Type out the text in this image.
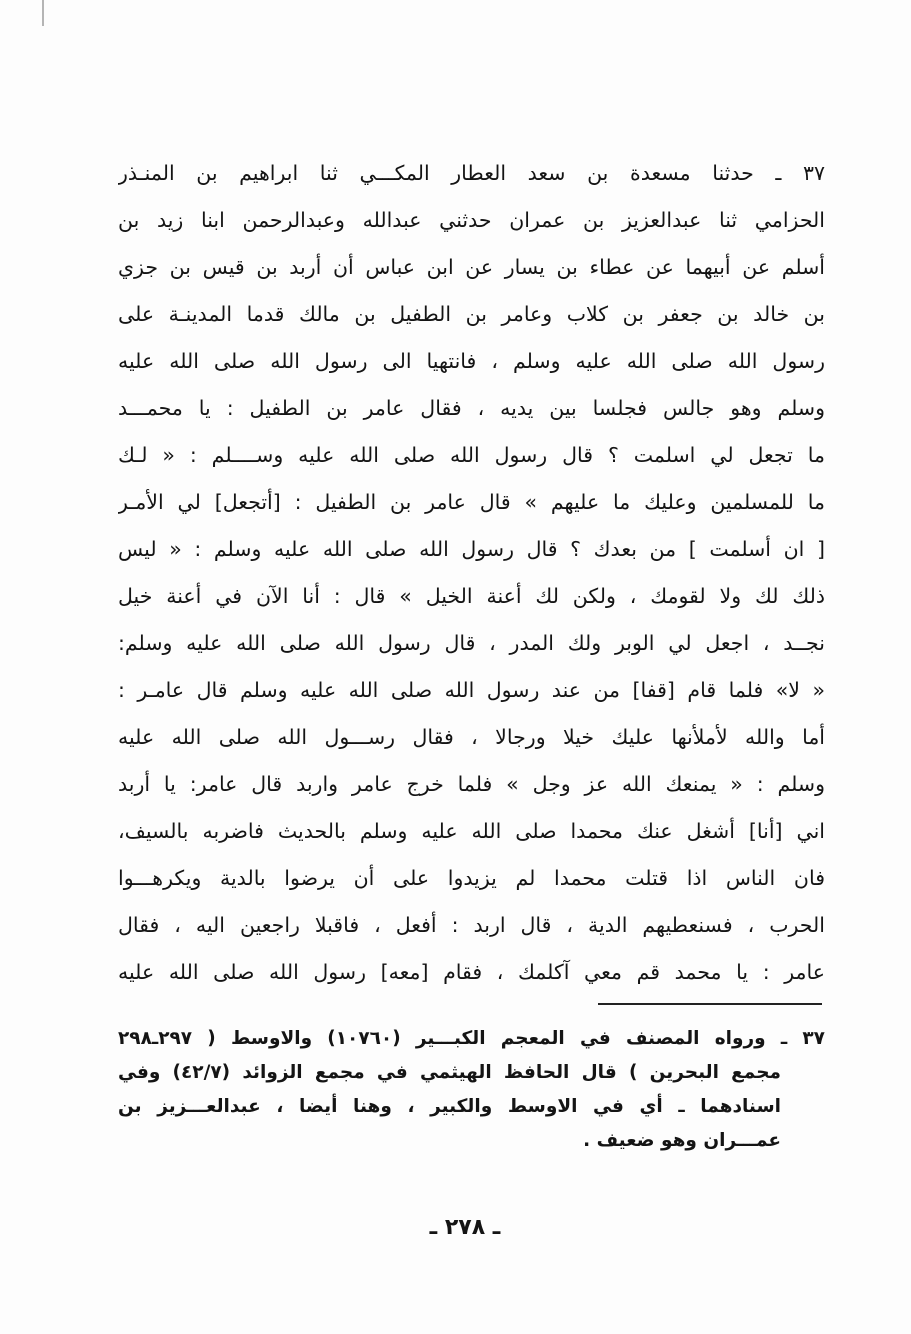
٣٧ ـ حدثنا مسعدة بن سعد العطار المكـــي ثنا ابراهيم بن المنـذر
الحزامي ثنا عبدالعزيز بن عمران حدثني عبدالله وعبدالرحمن ابنا زيد بن
أسلم عن أبيهما عن عطاء بن يسار عن ابن عباس أن أربد بن قيس بن جزي
بن خالد بن جعفر بن كلاب وعامر بن الطفيل بن مالك قدما المدينـة على
رسول الله صلى الله عليه وسلم ، فانتهيا الى رسول الله صلى الله عليه
وسلم وهو جالس فجلسا بين يديه ، فقال عامر بن الطفيل : يا محمـــد
ما تجعل لي اسلمت ؟ قال رسول الله صلى الله عليه وســــلم : « لـك
ما للمسلمين وعليك ما عليهم » قال عامر بن الطفيل : [أتجعل] لي الأمـر
[ ان أسلمت ] من بعدك ؟ قال رسول الله صلى الله عليه وسلم : « ليس
ذلك لك ولا لقومك ، ولكن لك أعنة الخيل » قال : أنا الآن في أعنة خيل
نجــد ، اجعل لي الوبر ولك المدر ، قال رسول الله صلى الله عليه وسلم:
« لا» فلما قام [قفا] من عند رسول الله صلى الله عليه وسلم قال عامـر :
أما والله لأملأنها عليك خيلا ورجالا ، فقال رســـول الله صلى الله عليه
وسلم : « يمنعك الله عز وجل » فلما خرج عامر واربد قال عامر: يا أربد
اني [أنا] أشغل عنك محمدا صلى الله عليه وسلم بالحديث فاضربه بالسيف،
فان الناس اذا قتلت محمدا لم يزيدوا على أن يرضوا بالدية ويكرهـــوا
الحرب ، فسنعطيهم الدية ، قال اربد : أفعل ، فاقبلا راجعين اليه ، فقال
عامر : يا محمد قم معي آكلمك ، فقام [معه] رسول الله صلى الله عليه
٣٧ ـ ورواه المصنف في المعجم الكبـــير (١٠٧٦٠) والاوسط ( ٢٩٧ـ٢٩٨
مجمع البحرين ) قال الحافظ الهيثمي في مجمع الزوائد (٤٢/٧) وفي
اسنادهما ـ أي في الاوسط والكبير ، وهنا أيضا ، عبدالعـــزيز بن
عمـــران وهو ضعيف .
ـ ٢٧٨ ـ
